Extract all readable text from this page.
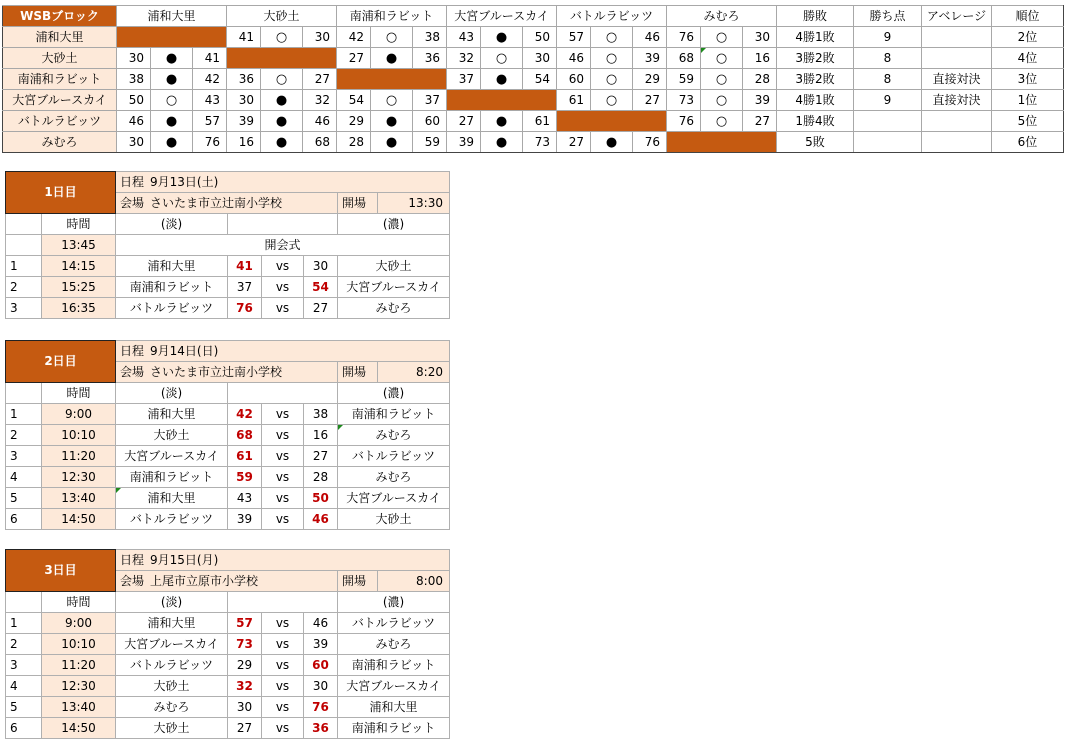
WSBブロック	浦和大里			大砂土			南浦和ラビット			大宮ブルースカイ			バトルラビッツ			みむろ			勝敗	勝ち点	アベレージ	順位
浦和大里				41	○	30	42	○	38	43	●	50	57	○	46	76	○	30	4勝1敗	9		2位
大砂土	30	●	41				27	●	36	32	○	30	46	○	39	68	○	16	3勝2敗	8		4位
南浦和ラビット	38	●	42	36	○	27				37	●	54	60	○	29	59	○	28	3勝2敗	8	直接対決	3位
大宮ブルースカイ	50	○	43	30	●	32	54	○	37				61	○	27	73	○	39	4勝1敗	9	直接対決	1位
バトルラビッツ	46	●	57	39	●	46	29	●	60	27	●	61				76	○	27	1勝4敗			5位
みむろ	30	●	76	16	●	68	28	●	59	39	●	73	27	●	76				5敗			6位
1日目		日程 9月13日(土)					
		会場 さいたま市立辻南小学校				開場	13:30
	時間	(淡)				(濃)	
	13:45	開会式					
1	14:15	浦和大里	41	vs	30	大砂土	
2	15:25	南浦和ラビット	37	vs	54	大宮ブルースカイ	
3	16:35	バトルラビッツ	76	vs	27	みむろ	
2日目		日程 9月14日(日)					
		会場 さいたま市立辻南小学校				開場	8:20
	時間	(淡)				(濃)	
1	9:00	浦和大里	42	vs	38	南浦和ラビット	
2	10:10	大砂土	68	vs	16	みむろ	
3	11:20	大宮ブルースカイ	61	vs	27	バトルラビッツ	
4	12:30	南浦和ラビット	59	vs	28	みむろ	
5	13:40	浦和大里	43	vs	50	大宮ブルースカイ	
6	14:50	バトルラビッツ	39	vs	46	大砂土	
3日目		日程 9月15日(月)					
		会場 上尾市立原市小学校				開場	8:00
	時間	(淡)				(濃)	
1	9:00	浦和大里	57	vs	46	バトルラビッツ	
2	10:10	大宮ブルースカイ	73	vs	39	みむろ	
3	11:20	バトルラビッツ	29	vs	60	南浦和ラビット	
4	12:30	大砂土	32	vs	30	大宮ブルースカイ	
5	13:40	みむろ	30	vs	76	浦和大里	
6	14:50	大砂土	27	vs	36	南浦和ラビット	
